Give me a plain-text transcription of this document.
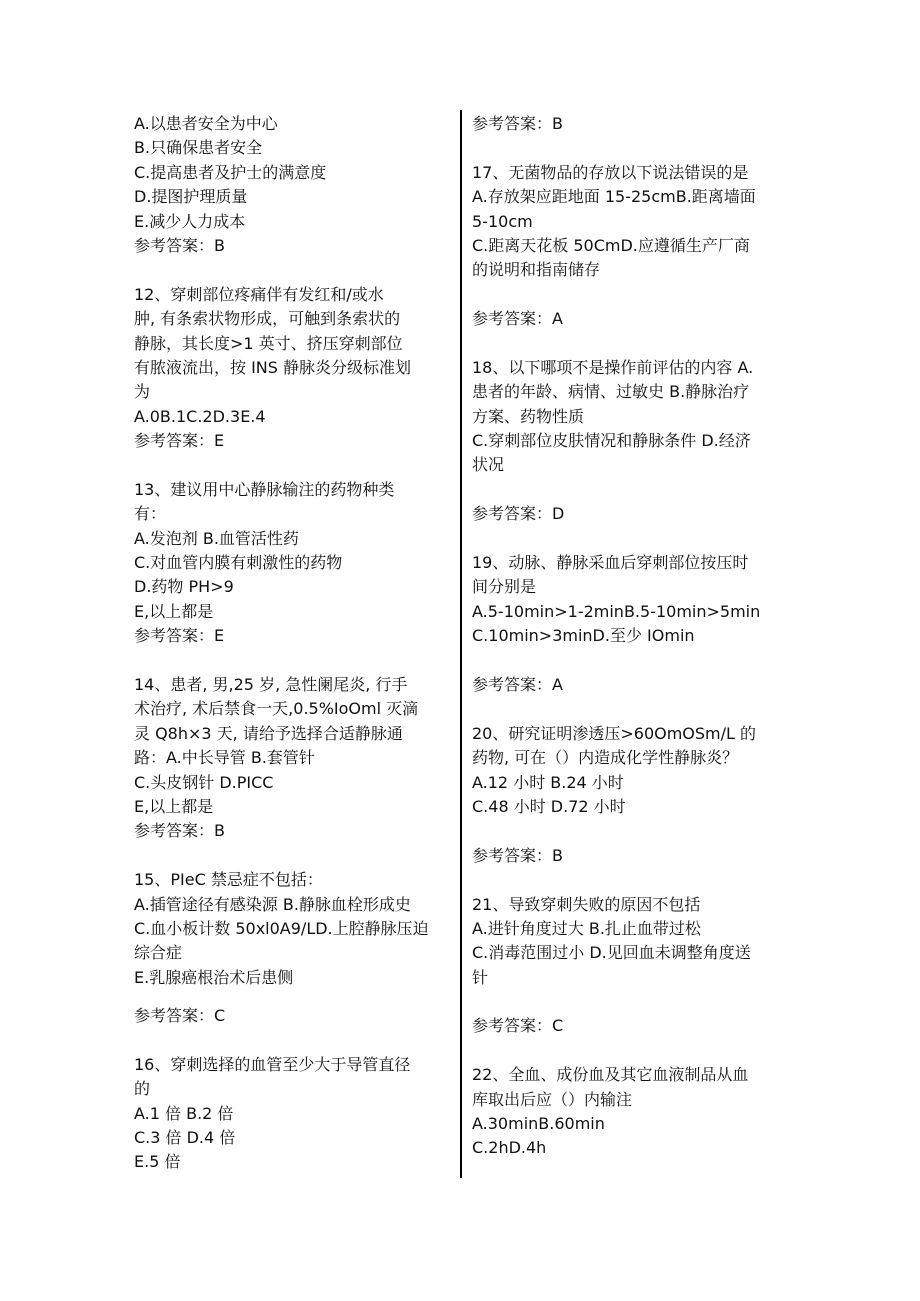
A.以患者安全为中心
B.只确保患者安全
C.提高患者及护士的满意度
D.提图护理质量
E.减少人力成本
参考答案：B
12、穿刺部位疼痛伴有发红和/或水
肿, 有条索状物形成，可触到条索状的
静脉，其长度>1 英寸、挤压穿刺部位
有脓液流出，按 INS 静脉炎分级标准划
为
A.0B.1C.2D.3E.4
参考答案：E
13、建议用中心静脉输注的药物种类
有：
A.发泡剂 B.血管活性药
C.对血管内膜有刺激性的药物
D.药物 PH>9
E,以上都是
参考答案：E
14、患者, 男,25 岁, 急性阑尾炎, 行手
术治疗, 术后禁食一天,0.5%IoOml 灭滴
灵 Q8h×3 天, 请给予选择合适静脉通
路：A.中长导管 B.套管针
C.头皮钢针 D.PICC
E,以上都是
参考答案：B
15、PIeC 禁忌症不包括：
A.插管途径有感染源 B.静脉血栓形成史
C.血小板计数 50xl0A9∕LD.上腔静脉压迫
综合症
E.乳腺癌根治术后患侧
参考答案：C
16、穿刺选择的血管至少大于导管直径
的
A.1 倍 B.2 倍
C.3 倍 D.4 倍
E.5 倍
参考答案：B
17、无菌物品的存放以下说法错误的是
A.存放架应距地面 15-25cmB.距离墙面
5-10cm
C.距离天花板 50CmD.应遵循生产厂商
的说明和指南储存
参考答案：A
18、以下哪项不是操作前评估的内容 A.
患者的年龄、病情、过敏史 B.静脉治疗
方案、药物性质
C.穿刺部位皮肤情况和静脉条件 D.经济
状况
参考答案：D
19、动脉、静脉采血后穿刺部位按压时
间分别是
A.5-10min>1-2minB.5-10min>5min
C.10min>3minD.至少 IOmin
参考答案：A
20、研究证明渗透压>60OmOSm/L 的
药物, 可在（）内造成化学性静脉炎？
A.12 小时 B.24 小时
C.48 小时 D.72 小时
参考答案：B
21、导致穿刺失败的原因不包括
A.进针角度过大 B.扎止血带过松
C.消毒范围过小 D.见回血未调整角度送
针
参考答案：C
22、全血、成份血及其它血液制品从血
库取出后应（）内输注
A.30minB.60min
C.2hD.4h
